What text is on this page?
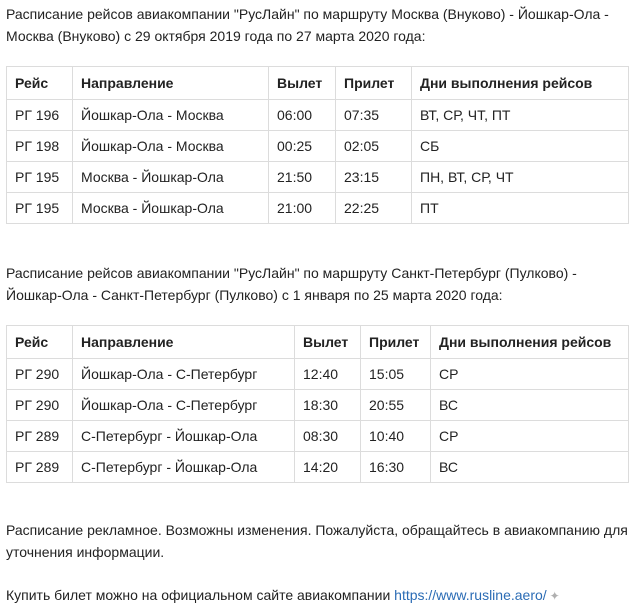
Расписание рейсов авиакомпании "РусЛайн" по маршруту Москва (Внуково) - Йошкар-Ола - Москва (Внуково) с 29 октября 2019 года по 27 марта 2020 года:

Рейс	Направление	Вылет	Прилет	Дни выполнения рейсов
РГ 196	Йошкар-Ола - Москва	06:00	07:35	ВТ, СР, ЧТ, ПТ
РГ 198	Йошкар-Ола - Москва	00:25	02:05	СБ
РГ 195	Москва - Йошкар-Ола	21:50	23:15	ПН, ВТ, СР, ЧТ
РГ 195	Москва - Йошкар-Ола	21:00	22:25	ПТ

Расписание рейсов авиакомпании "РусЛайн" по маршруту Санкт-Петербург (Пулково) - Йошкар-Ола - Санкт-Петербург (Пулково) с 1 января по 25 марта 2020 года:

Рейс	Направление	Вылет	Прилет	Дни выполнения рейсов
РГ 290	Йошкар-Ола - С-Петербург	12:40	15:05	СР
РГ 290	Йошкар-Ола - С-Петербург	18:30	20:55	ВС
РГ 289	С-Петербург - Йошкар-Ола	08:30	10:40	СР
РГ 289	С-Петербург - Йошкар-Ола	14:20	16:30	ВС

Расписание рекламное. Возможны изменения. Пожалуйста, обращайтесь в авиакомпанию для уточнения информации.

Купить билет можно на официальном сайте авиакомпании https://www.rusline.aero/ ✦
